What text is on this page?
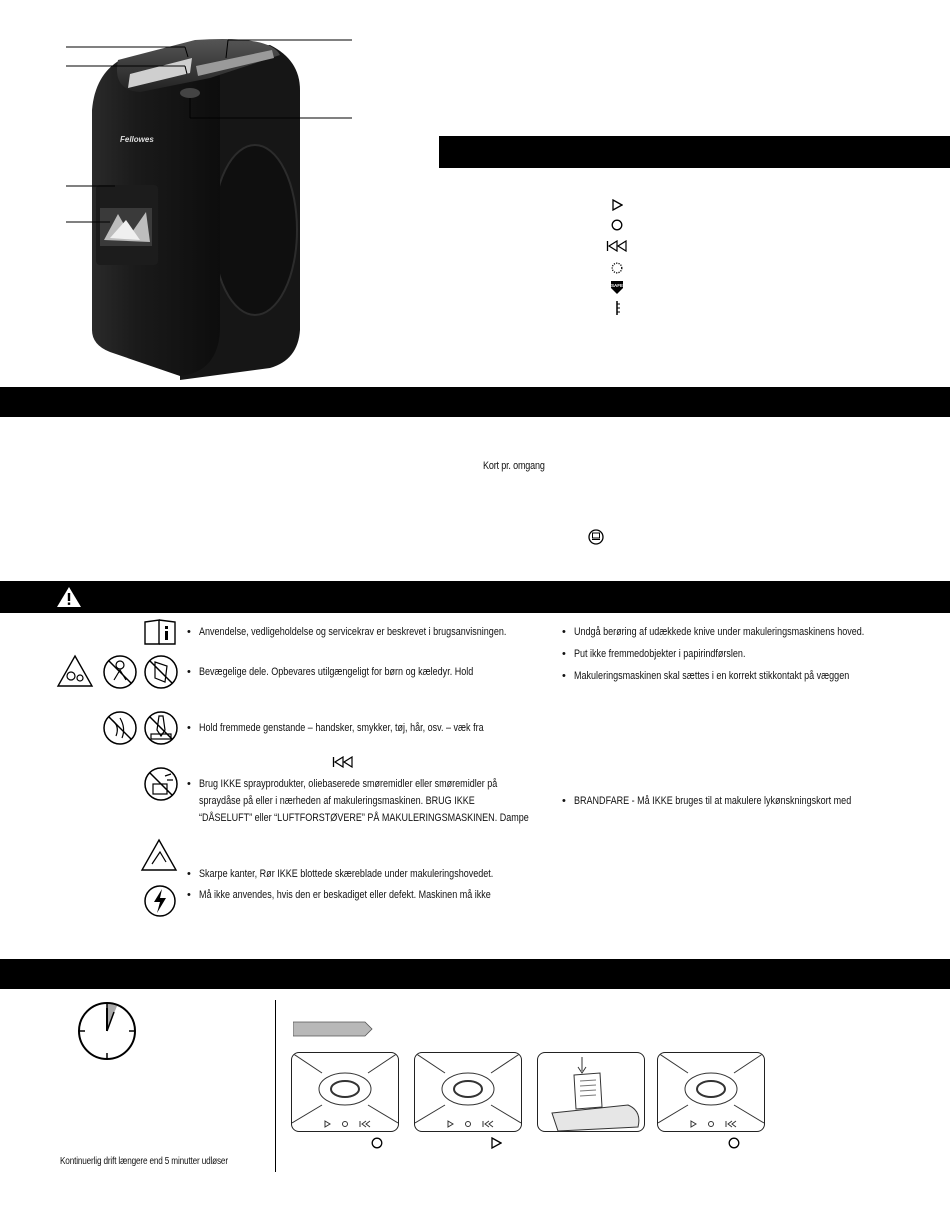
Fellowes
SAFE
Kort pr. omgang
• Anvendelse, vedligeholdelse og servicekrav er beskrevet i brugsanvisningen.
• Bevægelige dele. Opbevares utilgængeligt for børn og kæledyr. Hold
• Hold fremmede genstande – handsker, smykker, tøj, hår, osv. – væk fra
• Brug IKKE sprayprodukter, oliebaserede smøremidler eller smøremidler på
spraydåse på eller i nærheden af makuleringsmaskinen. BRUG IKKE
“DÅSELUFT” eller “LUFTFORSTØVERE” PÅ MAKULERINGSMASKINEN. Dampe
• Skarpe kanter, Rør IKKE blottede skæreblade under makuleringshovedet.
• Må ikke anvendes, hvis den er beskadiget eller defekt. Maskinen må ikke
• Undgå berøring af udækkede knive under makuleringsmaskinens hoved.
• Put ikke fremmedobjekter i papirindførslen.
• Makuleringsmaskinen skal sættes i en korrekt stikkontakt på væggen
• BRANDFARE - Må IKKE bruges til at makulere lykønskningskort med
Kontinuerlig drift længere end 5 minutter udløser
